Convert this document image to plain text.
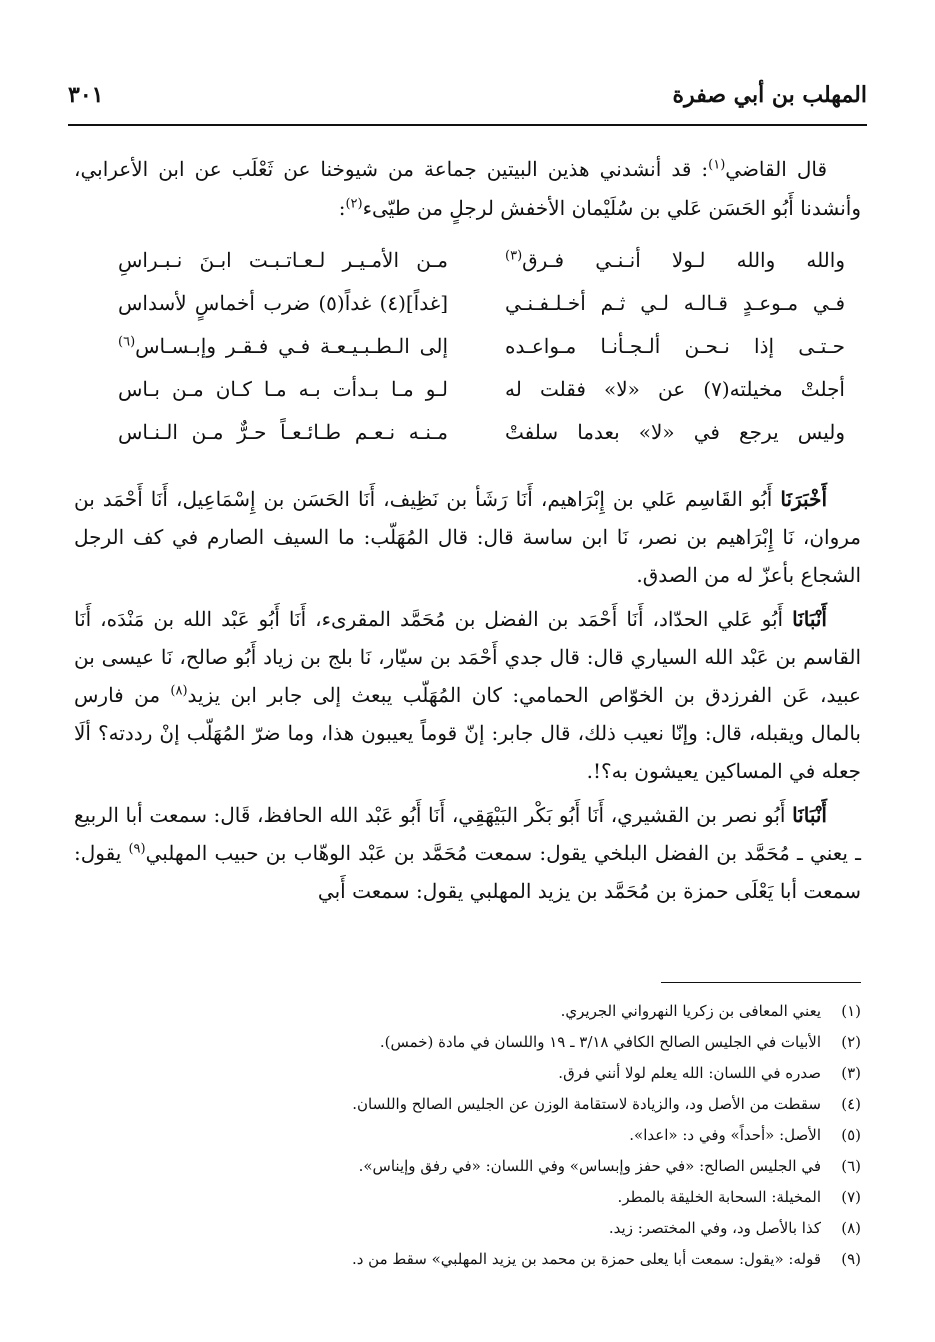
المهلب بن أبي صفرة
٣٠١

قال القاضي$^{(١)}$: قد أنشدني هذين البيتين جماعة من شيوخنا عن ثَعْلَب عن ابن الأعرابي، وأنشدنا أَبُو الحَسَن عَلي بن سُلَيْمان الأخفش لرجلٍ من طيّىء$^{(٢)}$:

والله والله لـولا أنـنـي فـرق$^{(٣)}$
مـن الأمـيـر لـعـاتـبـت ابـنَ نـبـراسِ
فـي مـوعـدٍ قـالـه لـي ثـم أخـلـفـنـي
[غداً](٤) غداً(٥) ضرب أخماسٍ لأسداس
حـتـى إذا نـحـن ألـجـأنـا مـواعـده
إلى الـطـبـيـعـة فـي فـقـر وإبـسـاس$^{(٦)}$
أجلتْ مخيلته(٧) عن «لا» فقلت له
لـو مـا بـدأت بـه مـا كـان مـن بـاس
وليس يرجع في «لا» بعدما سلفتْ
مـنـه نـعـم طـائـعـاً حـرٌّ مـن الـنـاس

أَخْبَرَنَا أَبُو القَاسِم عَلي بن إِبْرَاهيم، أَنَا رَشَأ بن نَظِيف، أَنَا الحَسَن بن إِسْمَاعِيل، أَنَا أَحْمَد بن مروان، نَا إِبْرَاهيم بن نصر، نَا ابن ساسة قال: قال المُهَلّب: ما السيف الصارم في كف الرجل الشجاع بأعزّ له من الصدق.

أَنْبَانَا أَبُو عَلي الحدّاد، أَنَا أَحْمَد بن الفضل بن مُحَمَّد المقرىء، أَنَا أَبُو عَبْد الله بن مَنْدَه، أَنَا القاسم بن عَبْد الله السياري قال: قال جدي أَحْمَد بن سيّار، نَا بلج بن زياد أَبُو صالح، نَا عيسى بن عبيد، عَن الفرزدق بن الخوّاص الحمامي: كان المُهَلّب يبعث إلى جابر ابن يزيد$^{(٨)}$ من فارس بالمال ويقبله، قال: وإنّا نعيب ذلك، قال جابر: إنّ قوماً يعيبون هذا، وما ضرّ المُهَلّب إنْ رددته؟ ألَا جعله في المساكين يعيشون به؟!.

أَنْبَانَا أَبُو نصر بن القشيري، أَنَا أَبُو بَكْر البَيْهَقِي، أَنَا أَبُو عَبْد الله الحافظ، قَال: سمعت أبا الربيع ـ يعني ـ مُحَمَّد بن الفضل البلخي يقول: سمعت مُحَمَّد بن عَبْد الوهّاب بن حبيب المهلبي$^{(٩)}$ يقول: سمعت أبا يَعْلَى حمزة بن مُحَمَّد بن يزيد المهلبي يقول: سمعت أَبي

(١)
يعني المعافى بن زكريا النهرواني الجريري.
(٢)
الأبيات في الجليس الصالح الكافي ٣/١٨ ـ ١٩ واللسان في مادة (خمس).
(٣)
صدره في اللسان: الله يعلم لولا أنني فرق.
(٤)
سقطت من الأصل ود، والزيادة لاستقامة الوزن عن الجليس الصالح واللسان.
(٥)
الأصل: «أحداً» وفي د: «اعدا».
(٦)
في الجليس الصالح: «في حفز وإبساس» وفي اللسان: «في رفق وإيناس».
(٧)
المخيلة: السحابة الخليقة بالمطر.
(٨)
كذا بالأصل ود، وفي المختصر: زيد.
(٩)
قوله: «يقول: سمعت أبا يعلى حمزة بن محمد بن يزيد المهلبي» سقط من د.
